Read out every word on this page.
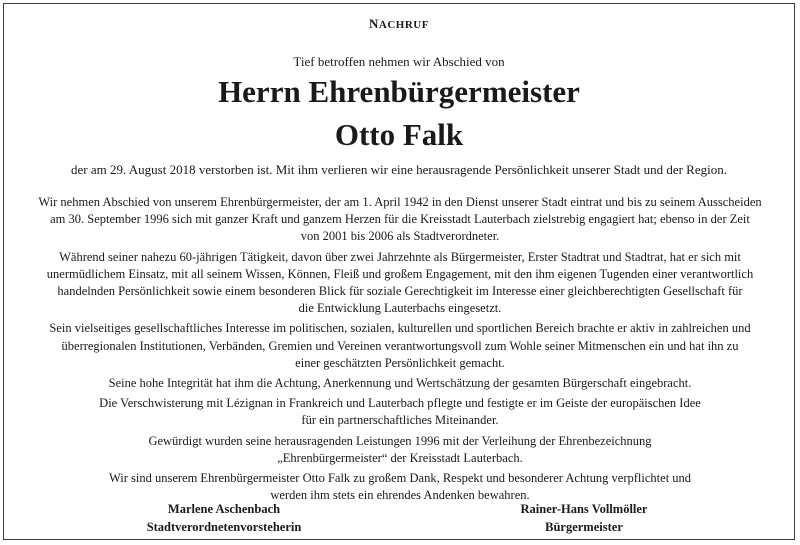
NACHRUF
Tief betroffen nehmen wir Abschied von
Herrn Ehrenbürgermeister
Otto Falk
der am 29. August 2018 verstorben ist. Mit ihm verlieren wir eine herausragende Persönlichkeit unserer Stadt und der Region.

Wir nehmen Abschied von unserem Ehrenbürgermeister, der am 1. April 1942 in den Dienst unserer Stadt eintrat und bis zu seinem Ausscheiden
am 30. September 1996 sich mit ganzer Kraft und ganzem Herzen für die Kreisstadt Lauterbach zielstrebig engagiert hat; ebenso in der Zeit
von 2001 bis 2006 als Stadtverordneter.

Während seiner nahezu 60-jährigen Tätigkeit, davon über zwei Jahrzehnte als Bürgermeister, Erster Stadtrat und Stadtrat, hat er sich mit
unermüdlichem Einsatz, mit all seinem Wissen, Können, Fleiß und großem Engagement, mit den ihm eigenen Tugenden einer verantwortlich
handelnden Persönlichkeit sowie einem besonderen Blick für soziale Gerechtigkeit im Interesse einer gleichberechtigten Gesellschaft für
die Entwicklung Lauterbachs eingesetzt.

Sein vielseitiges gesellschaftliches Interesse im politischen, sozialen, kulturellen und sportlichen Bereich brachte er aktiv in zahlreichen und
überregionalen Institutionen, Verbänden, Gremien und Vereinen verantwortungsvoll zum Wohle seiner Mitmenschen ein und hat ihn zu
einer geschätzten Persönlichkeit gemacht.

Seine hohe Integrität hat ihm die Achtung, Anerkennung und Wertschätzung der gesamten Bürgerschaft eingebracht.

Die Verschwisterung mit Lézignan in Frankreich und Lauterbach pflegte und festigte er im Geiste der europäischen Idee
für ein partnerschaftliches Miteinander.

Gewürdigt wurden seine herausragenden Leistungen 1996 mit der Verleihung der Ehrenbezeichnung
„Ehrenbürgermeister“ der Kreisstadt Lauterbach.

Wir sind unserem Ehrenbürgermeister Otto Falk zu großem Dank, Respekt und besonderer Achtung verpflichtet und
werden ihm stets ein ehrendes Andenken bewahren.

Marlene Aschenbach
Stadtverordnetenvorsteherin
Rainer-Hans Vollmöller
Bürgermeister
